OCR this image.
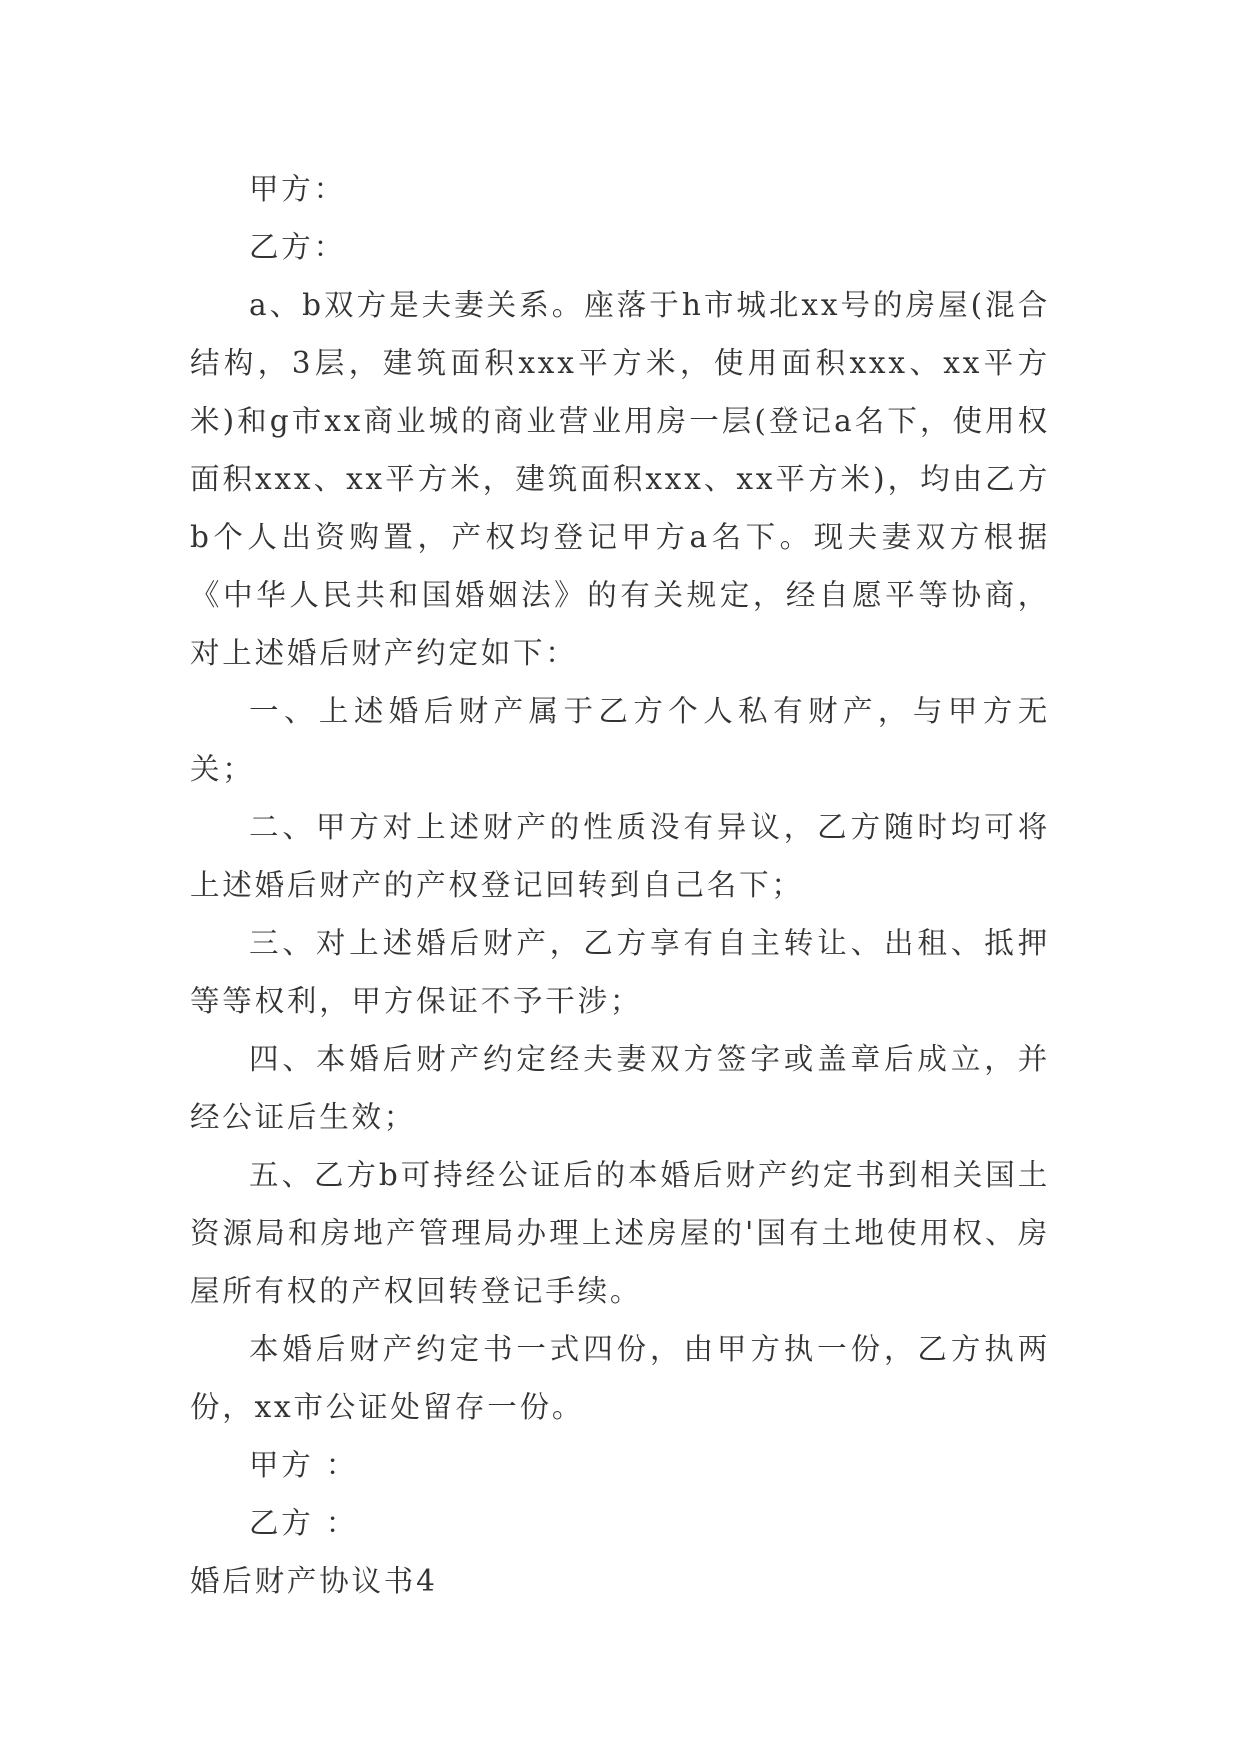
甲方：

乙方：

a、b双方是夫妻关系。座落于h市城北xx号的房屋(混合结构，3层，建筑面积xxx平方米，使用面积xxx、xx平方米)和g市xx商业城的商业营业用房一层(登记a名下，使用权面积xxx、xx平方米，建筑面积xxx、xx平方米)，均由乙方b个人出资购置，产权均登记甲方a名下。现夫妻双方根据《中华人民共和国婚姻法》的有关规定，经自愿平等协商，对上述婚后财产约定如下：

一、上述婚后财产属于乙方个人私有财产，与甲方无关；

二、甲方对上述财产的性质没有异议，乙方随时均可将上述婚后财产的产权登记回转到自己名下；

三、对上述婚后财产，乙方享有自主转让、出租、抵押等等权利，甲方保证不予干涉；

四、本婚后财产约定经夫妻双方签字或盖章后成立，并经公证后生效；

五、乙方b可持经公证后的本婚后财产约定书到相关国土资源局和房地产管理局办理上述房屋的'国有土地使用权、房屋所有权的产权回转登记手续。

本婚后财产约定书一式四份，由甲方执一份，乙方执两份，xx市公证处留存一份。

甲方 ：

乙方 ：

婚后财产协议书4
